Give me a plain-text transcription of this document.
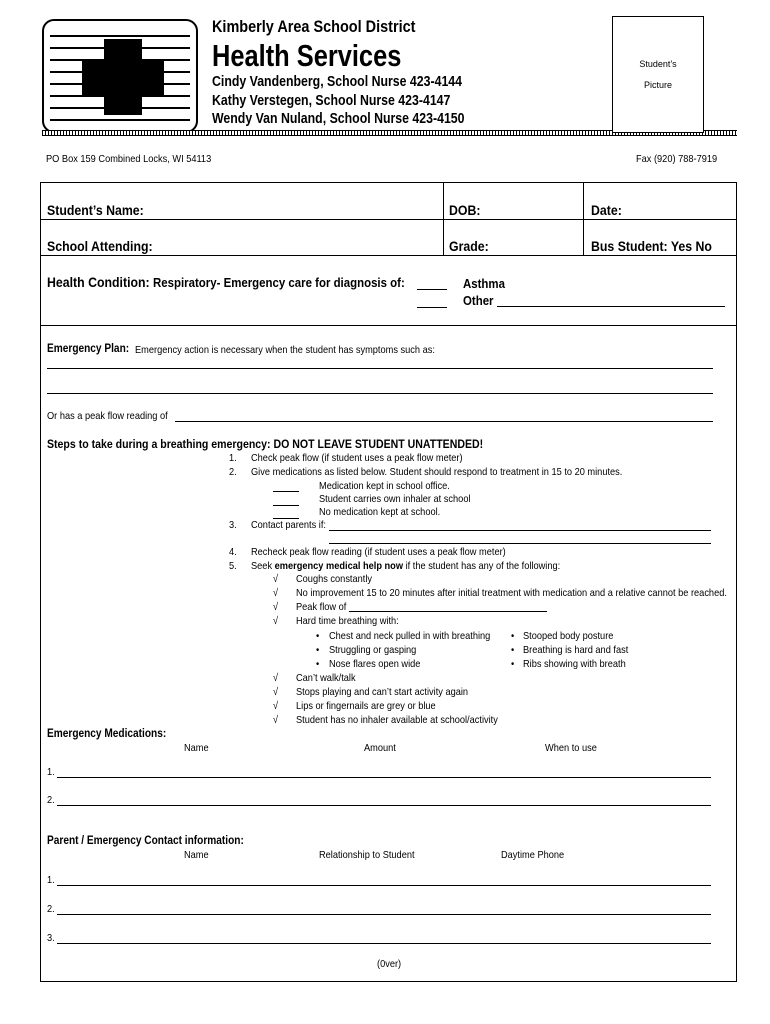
Kimberly Area School District
Health Services
Cindy Vandenberg, School Nurse 423-4144
Kathy Verstegen, School Nurse 423-4147
Wendy Van Nuland, School Nurse 423-4150
Student’s
Picture
PO Box 159 Combined Locks, WI 54113	Fax (920) 788-7919
Student’s Name:	DOB:	Date:
School Attending:	Grade:	Bus Student: Yes No
Health Condition: Respiratory- Emergency care for diagnosis of:	Asthma
Other
Emergency Plan: Emergency action is necessary when the student has symptoms such as:
Or has a peak flow reading of
Steps to take during a breathing emergency: DO NOT LEAVE STUDENT UNATTENDED!
1. Check peak flow (if student uses a peak flow meter)
2. Give medications as listed below. Student should respond to treatment in 15 to 20 minutes.
Medication kept in school office.
Student carries own inhaler at school
No medication kept at school.
3. Contact parents if:
4. Recheck peak flow reading (if student uses a peak flow meter)
5. Seek emergency medical help now if the student has any of the following:
√ Coughs constantly
√ No improvement 15 to 20 minutes after initial treatment with medication and a relative cannot be reached.
√ Peak flow of
√ Hard time breathing with:
• Chest and neck pulled in with breathing
• Struggling or gasping
• Nose flares open wide
• Stooped body posture
• Breathing is hard and fast
• Ribs showing with breath
√ Can’t walk/talk
√ Stops playing and can’t start activity again
√ Lips or fingernails are grey or blue
√ Student has no inhaler available at school/activity
Emergency Medications:
Name	Amount	When to use
1.
2.
Parent / Emergency Contact information:
Name	Relationship to Student	Daytime Phone
1.
2.
3.
(0ver)
